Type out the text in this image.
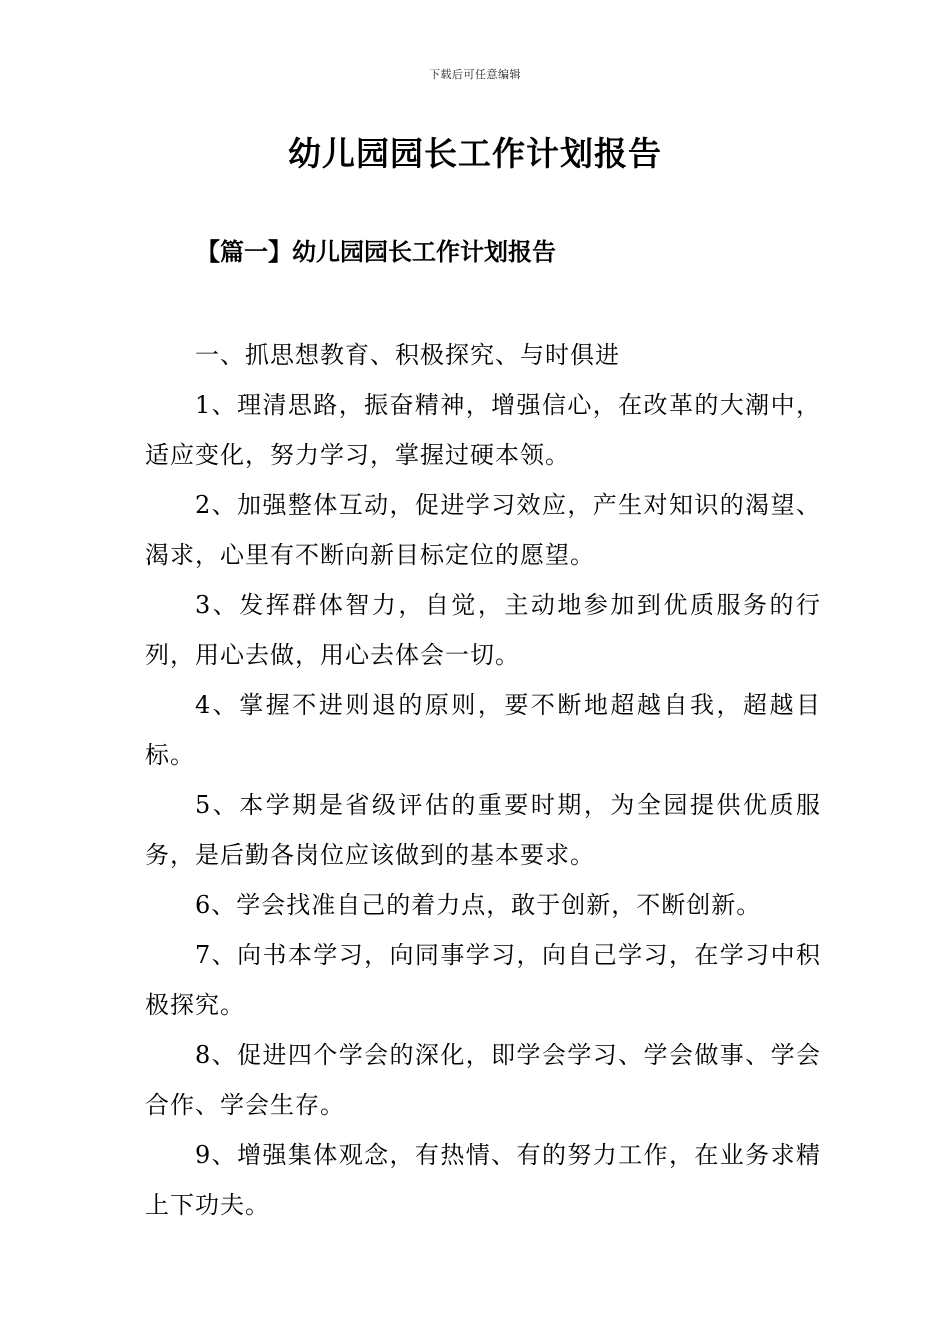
下载后可任意编辑
幼儿园园长工作计划报告
【篇一】幼儿园园长工作计划报告

一、抓思想教育、积极探究、与时俱进

1、理清思路，振奋精神，增强信心，在改革的大潮中，适应变化，努力学习，掌握过硬本领。

2、加强整体互动，促进学习效应，产生对知识的渴望、渴求，心里有不断向新目标定位的愿望。

3、发挥群体智力，自觉，主动地参加到优质服务的行列，用心去做，用心去体会一切。

4、掌握不进则退的原则，要不断地超越自我，超越目标。

5、本学期是省级评估的重要时期，为全园提供优质服务，是后勤各岗位应该做到的基本要求。

6、学会找准自己的着力点，敢于创新，不断创新。

7、向书本学习，向同事学习，向自己学习，在学习中积极探究。

8、促进四个学会的深化，即学会学习、学会做事、学会合作、学会生存。

9、增强集体观念，有热情、有的努力工作，在业务求精上下功夫。
